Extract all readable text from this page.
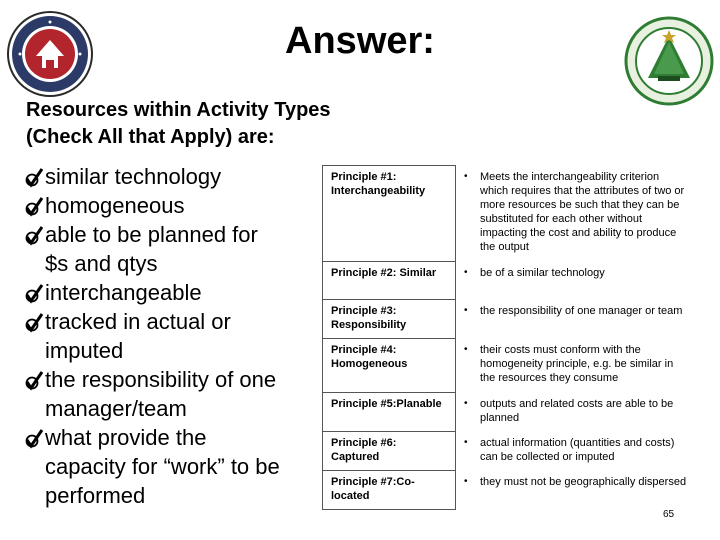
Answer:
Resources within Activity Types
(Check All that Apply) are:
similar technology
homogeneous
able to be planned for
$s and qtys
interchangeable
tracked in actual or
imputed
the responsibility of one
manager/team
what provide the
capacity for “work” to be
performed
Principle #1: Interchangeability	• Meets the interchangeability criterion which requires that the attributes of two or more resources be such that they can be substituted for each other without impacting the cost and ability to produce the output
Principle #2: Similar	• be of a similar technology
Principle #3: Responsibility	• the responsibility of one manager or team
Principle #4: Homogeneous	• their costs must conform with the homogeneity principle, e.g. be similar in the resources they consume
Principle #5:Planable	• outputs and related costs are able to be planned
Principle #6: Captured	• actual information (quantities and costs) can be collected or imputed
Principle #7:Co-located	• they must not be geographically dispersed
65
